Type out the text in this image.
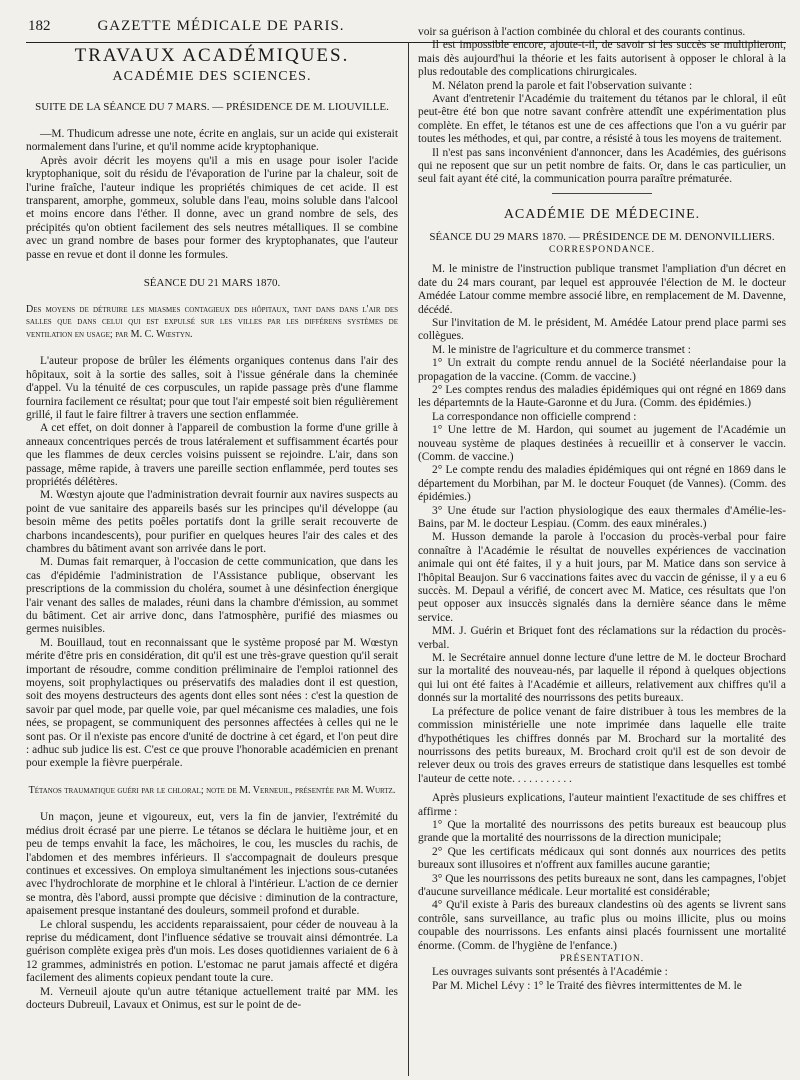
182	GAZETTE MÉDICALE DE PARIS.

TRAVAUX ACADÉMIQUES.

ACADÉMIE DES SCIENCES.

SUITE DE LA SÉANCE DU 7 MARS. — PRÉSIDENCE DE M. LIOUVILLE.

—M. Thudicum adresse une note, écrite en anglais, sur un acide qui existerait normalement dans l'urine, et qu'il nomme acide kryptophanique.

Après avoir décrit les moyens qu'il a mis en usage pour isoler l'acide kryptophanique, soit du résidu de l'évaporation de l'urine par la chaleur, soit de l'urine fraîche, l'auteur indique les propriétés chimiques de cet acide. Il est transparent, amorphe, gommeux, soluble dans l'eau, moins soluble dans l'alcool et moins encore dans l'éther. Il donne, avec un grand nombre de sels, des précipités qu'on obtient facilement des sels neutres métalliques. Il se combine avec un grand nombre de bases pour former des kryptophanates, que l'auteur passe en revue et dont il donne les formules.

SÉANCE DU 21 MARS 1870.

Des moyens de détruire les miasmes contagieux des hôpitaux, tant dans dans l'air des salles que dans celui qui est expulsé sur les villes par les différens systèmes de ventilation en usage; par M. C. Wœstyn.

L'auteur propose de brûler les éléments organiques contenus dans l'air des hôpitaux, soit à la sortie des salles, soit à l'issue générale dans la cheminée d'appel. Vu la ténuité de ces corpuscules, un rapide passage près d'une flamme fournira facilement ce résultat; pour que tout l'air empesté soit bien régulièrement grillé, il faut le faire filtrer à travers une section enflammée.

A cet effet, on doit donner à l'appareil de combustion la forme d'une grille à anneaux concentriques percés de trous latéralement et suffisamment écartés pour que les flammes de deux cercles voisins puissent se rejoindre. L'air, dans son passage, même rapide, à travers une pareille section enflammée, perd toutes ses propriétés délétères.

M. Wœstyn ajoute que l'administration devrait fournir aux navires suspects au point de vue sanitaire des appareils basés sur les principes qu'il développe (au besoin même des petits poêles portatifs dont la grille serait recouverte de charbons incandescents), pour purifier en quelques heures l'air des cales et des chambres du bâtiment avant son arrivée dans le port.

M. Dumas fait remarquer, à l'occasion de cette communication, que dans les cas d'épidémie l'administration de l'Assistance publique, observant les prescriptions de la commission du choléra, soumet à une désinfection énergique l'air venant des salles de malades, réuni dans la chambre d'émission, au sommet du bâtiment. Cet air arrive donc, dans l'atmosphère, purifié des miasmes ou germes nuisibles.

M. Bouillaud, tout en reconnaissant que le système proposé par M. Wœstyn mérite d'être pris en considération, dit qu'il est une très-grave question qu'il serait important de résoudre, comme condition préliminaire de l'emploi rationnel des moyens, soit prophylactiques ou préservatifs des maladies dont il est question, soit des moyens destructeurs des agents dont elles sont nées : c'est la question de savoir par quel mode, par quelle voie, par quel mécanisme ces maladies, une fois nées, se propagent, se communiquent des personnes affectées à celles qui ne le sont pas. Or il n'existe pas encore d'unité de doctrine à cet égard, et l'on peut dire : adhuc sub judice lis est. C'est ce que prouve l'honorable académicien en prenant pour exemple la fièvre puerpérale.

Tétanos traumatique guéri par le chloral; note de M. Verneuil, présentée par M. Wurtz.

Un maçon, jeune et vigoureux, eut, vers la fin de janvier, l'extrémité du médius droit écrasé par une pierre. Le tétanos se déclara le huitième jour, et en peu de temps envahit la face, les mâchoires, le cou, les muscles du rachis, de l'abdomen et des membres inférieurs. Il s'accompagnait de douleurs presque continues et excessives. On employa simultanément les injections sous-cutanées avec l'hydrochlorate de morphine et le chloral à l'intérieur. L'action de ce dernier se montra, dès l'abord, aussi prompte que décisive : diminution de la contracture, apaisement presque instantané des douleurs, sommeil profond et durable.

Le chloral suspendu, les accidents reparaissaient, pour céder de nouveau à la reprise du médicament, dont l'influence sédative se trouvait ainsi démontrée. La guérison complète exigea près d'un mois. Les doses quotidiennes variaient de 6 à 12 grammes, administrés en potion. L'estomac ne parut jamais affecté et digéra facilement des aliments copieux pendant toute la cure.

M. Verneuil ajoute qu'un autre tétanique actuellement traité par MM. les docteurs Dubreuil, Lavaux et Onimus, est sur le point de de-

voir sa guérison à l'action combinée du chloral et des courants continus.

Il est impossible encore, ajoute-t-il, de savoir si les succès se multiplieront, mais dès aujourd'hui la théorie et les faits autorisent à opposer le chloral à la plus redoutable des complications chirurgicales.

M. Nélaton prend la parole et fait l'observation suivante :

Avant d'entretenir l'Académie du traitement du tétanos par le chloral, il eût peut-être été bon que notre savant confrère attendît une expérimentation plus complète. En effet, le tétanos est une de ces affections que l'on a vu guérir par toutes les méthodes, et qui, par contre, a résisté à tous les moyens de traitement.

Il n'est pas sans inconvénient d'annoncer, dans les Académies, des guérisons qui ne reposent que sur un petit nombre de faits. Or, dans le cas particulier, un seul fait ayant été cité, la communication pourra paraître prématurée.

ACADÉMIE DE MÉDECINE.

SÉANCE DU 29 MARS 1870. — PRÉSIDENCE DE M. DENONVILLIERS.

CORRESPONDANCE.

M. le ministre de l'instruction publique transmet l'ampliation d'un décret en date du 24 mars courant, par lequel est approuvée l'élection de M. le docteur Amédée Latour comme membre associé libre, en remplacement de M. Davenne, décédé.

Sur l'invitation de M. le président, M. Amédée Latour prend place parmi ses collègues.

M. le ministre de l'agriculture et du commerce transmet :

1° Un extrait du compte rendu annuel de la Société néerlandaise pour la propagation de la vaccine. (Comm. de vaccine.)

2° Les comptes rendus des maladies épidémiques qui ont régné en 1869 dans les départemnts de la Haute-Garonne et du Jura. (Comm. des épidémies.)

La correspondance non officielle comprend :

1° Une lettre de M. Hardon, qui soumet au jugement de l'Académie un nouveau système de plaques destinées à recueillir et à conserver le vaccin. (Comm. de vaccine.)

2° Le compte rendu des maladies épidémiques qui ont régné en 1869 dans le département du Morbihan, par M. le docteur Fouquet (de Vannes). (Comm. des épidémies.)

3° Une étude sur l'action physiologique des eaux thermales d'Amélie-les-Bains, par M. le docteur Lespiau. (Comm. des eaux minérales.)

M. Husson demande la parole à l'occasion du procès-verbal pour faire connaître à l'Académie le résultat de nouvelles expériences de vaccination animale qui ont été faites, il y a huit jours, par M. Matice dans son service à l'hôpital Beaujon. Sur 6 vaccinations faites avec du vaccin de génisse, il y a eu 6 succès. M. Depaul a vérifié, de concert avec M. Matice, ces résultats que l'on peut opposer aux insuccès signalés dans la dernière séance dans le même service.

MM. J. Guérin et Briquet font des réclamations sur la rédaction du procès-verbal.

M. le Secrétaire annuel donne lecture d'une lettre de M. le docteur Brochard sur la mortalité des nouveau-nés, par laquelle il répond à quelques objections qui lui ont été faites à l'Académie et ailleurs, relativement aux chiffres qu'il a donnés sur la mortalité des nourrissons des petits bureaux.

La préfecture de police venant de faire distribuer à tous les membres de la commission ministérielle une note imprimée dans laquelle elle traite d'hypothétiques les chiffres donnés par M. Brochard sur la mortalité des nourrissons des petits bureaux, M. Brochard croit qu'il est de son devoir de relever deux ou trois des graves erreurs de statistique dans lesquelles est tombé l'auteur de cette note. . . . . . . . . . .

Après plusieurs explications, l'auteur maintient l'exactitude de ses chiffres et affirme :

1° Que la mortalité des nourrissons des petits bureaux est beaucoup plus grande que la mortalité des nourrissons de la direction municipale;

2° Que les certificats médicaux qui sont donnés aux nourrices des petits bureaux sont illusoires et n'offrent aux familles aucune garantie;

3° Que les nourrissons des petits bureaux ne sont, dans les campagnes, l'objet d'aucune surveillance médicale. Leur mortalité est considérable;

4° Qu'il existe à Paris des bureaux clandestins où des agents se livrent sans contrôle, sans surveillance, au trafic plus ou moins illicite, plus ou moins coupable des nourrissons. Les enfants ainsi placés fournissent une mortalité énorme. (Comm. de l'hygiène de l'enfance.)

PRÉSENTATION.

Les ouvrages suivants sont présentés à l'Académie :

Par M. Michel Lévy : 1° le Traité des fièvres intermittentes de M. le
